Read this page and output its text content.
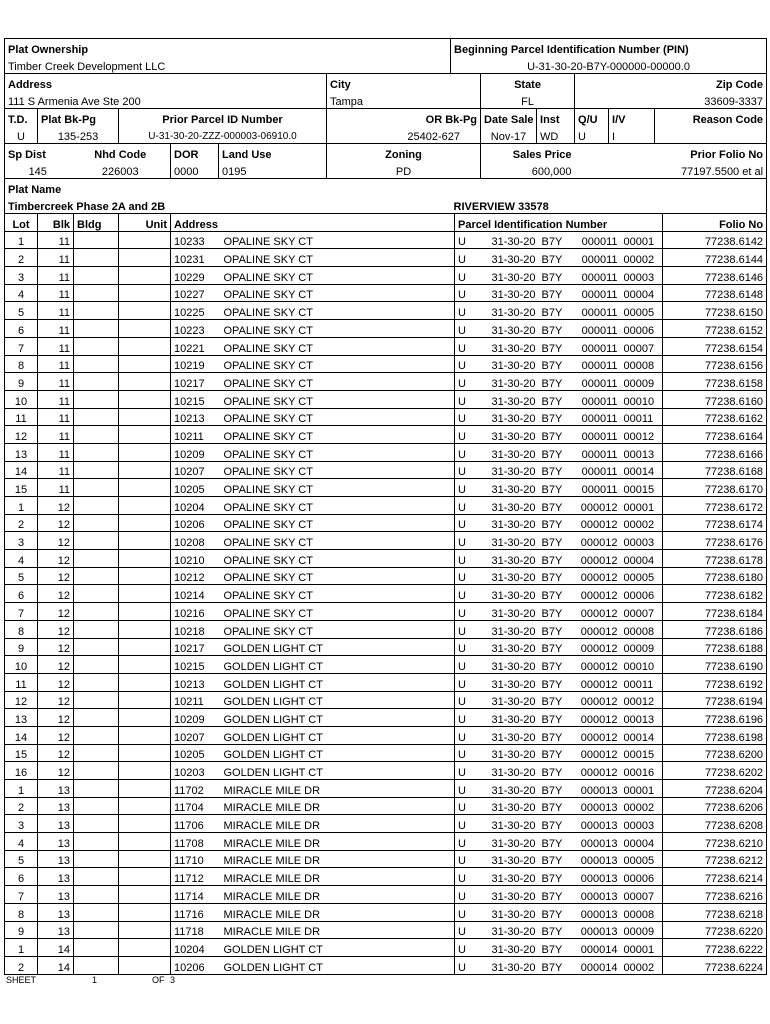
Plat Ownership							Beginning Parcel Identification Number (PIN)					
Timber Creek Development LLC							U-31-30-20-B7Y-000000-00000.0					
Address						City		State		Zip Code		
111 S Armenia Ave Ste 200						Tampa		FL		33609-3337		
T.D.	Plat Bk-Pg		Prior Parcel ID Number			OR Bk-Pg		Date Sale	Inst	Q/U	I/V	Reason Code
U	135-253		U-31-30-20-ZZZ-000003-06910.0			25402-627		Nov-17	WD	U	I	
Sp Dist		Nhd Code		DOR	Land Use	Zoning		Sales Price		Prior Folio No		
145		226003		0000	0195	PD		600,000		77197.5500 et al		
Plat Name												
Timbercreek Phase 2A and 2B							RIVERVIEW 33578					
Lot	Blk	Bldg	Unit	Address		Parcel Identification Number					Folio No
1	11			10233	OPALINE SKY CT	U	31-30-20	B7Y	000011	00001	77238.6142
2	11			10231	OPALINE SKY CT	U	31-30-20	B7Y	000011	00002	77238.6144
3	11			10229	OPALINE SKY CT	U	31-30-20	B7Y	000011	00003	77238.6146
4	11			10227	OPALINE SKY CT	U	31-30-20	B7Y	000011	00004	77238.6148
5	11			10225	OPALINE SKY CT	U	31-30-20	B7Y	000011	00005	77238.6150
6	11			10223	OPALINE SKY CT	U	31-30-20	B7Y	000011	00006	77238.6152
7	11			10221	OPALINE SKY CT	U	31-30-20	B7Y	000011	00007	77238.6154
8	11			10219	OPALINE SKY CT	U	31-30-20	B7Y	000011	00008	77238.6156
9	11			10217	OPALINE SKY CT	U	31-30-20	B7Y	000011	00009	77238.6158
10	11			10215	OPALINE SKY CT	U	31-30-20	B7Y	000011	00010	77238.6160
11	11			10213	OPALINE SKY CT	U	31-30-20	B7Y	000011	00011	77238.6162
12	11			10211	OPALINE SKY CT	U	31-30-20	B7Y	000011	00012	77238.6164
13	11			10209	OPALINE SKY CT	U	31-30-20	B7Y	000011	00013	77238.6166
14	11			10207	OPALINE SKY CT	U	31-30-20	B7Y	000011	00014	77238.6168
15	11			10205	OPALINE SKY CT	U	31-30-20	B7Y	000011	00015	77238.6170
1	12			10204	OPALINE SKY CT	U	31-30-20	B7Y	000012	00001	77238.6172
2	12			10206	OPALINE SKY CT	U	31-30-20	B7Y	000012	00002	77238.6174
3	12			10208	OPALINE SKY CT	U	31-30-20	B7Y	000012	00003	77238.6176
4	12			10210	OPALINE SKY CT	U	31-30-20	B7Y	000012	00004	77238.6178
5	12			10212	OPALINE SKY CT	U	31-30-20	B7Y	000012	00005	77238.6180
6	12			10214	OPALINE SKY CT	U	31-30-20	B7Y	000012	00006	77238.6182
7	12			10216	OPALINE SKY CT	U	31-30-20	B7Y	000012	00007	77238.6184
8	12			10218	OPALINE SKY CT	U	31-30-20	B7Y	000012	00008	77238.6186
9	12			10217	GOLDEN LIGHT CT	U	31-30-20	B7Y	000012	00009	77238.6188
10	12			10215	GOLDEN LIGHT CT	U	31-30-20	B7Y	000012	00010	77238.6190
11	12			10213	GOLDEN LIGHT CT	U	31-30-20	B7Y	000012	00011	77238.6192
12	12			10211	GOLDEN LIGHT CT	U	31-30-20	B7Y	000012	00012	77238.6194
13	12			10209	GOLDEN LIGHT CT	U	31-30-20	B7Y	000012	00013	77238.6196
14	12			10207	GOLDEN LIGHT CT	U	31-30-20	B7Y	000012	00014	77238.6198
15	12			10205	GOLDEN LIGHT CT	U	31-30-20	B7Y	000012	00015	77238.6200
16	12			10203	GOLDEN LIGHT CT	U	31-30-20	B7Y	000012	00016	77238.6202
1	13			11702	MIRACLE MILE DR	U	31-30-20	B7Y	000013	00001	77238.6204
2	13			11704	MIRACLE MILE DR	U	31-30-20	B7Y	000013	00002	77238.6206
3	13			11706	MIRACLE MILE DR	U	31-30-20	B7Y	000013	00003	77238.6208
4	13			11708	MIRACLE MILE DR	U	31-30-20	B7Y	000013	00004	77238.6210
5	13			11710	MIRACLE MILE DR	U	31-30-20	B7Y	000013	00005	77238.6212
6	13			11712	MIRACLE MILE DR	U	31-30-20	B7Y	000013	00006	77238.6214
7	13			11714	MIRACLE MILE DR	U	31-30-20	B7Y	000013	00007	77238.6216
8	13			11716	MIRACLE MILE DR	U	31-30-20	B7Y	000013	00008	77238.6218
9	13			11718	MIRACLE MILE DR	U	31-30-20	B7Y	000013	00009	77238.6220
1	14			10204	GOLDEN LIGHT CT	U	31-30-20	B7Y	000014	00001	77238.6222
2	14			10206	GOLDEN LIGHT CT	U	31-30-20	B7Y	000014	00002	77238.6224
SHEET	1	OF 3
